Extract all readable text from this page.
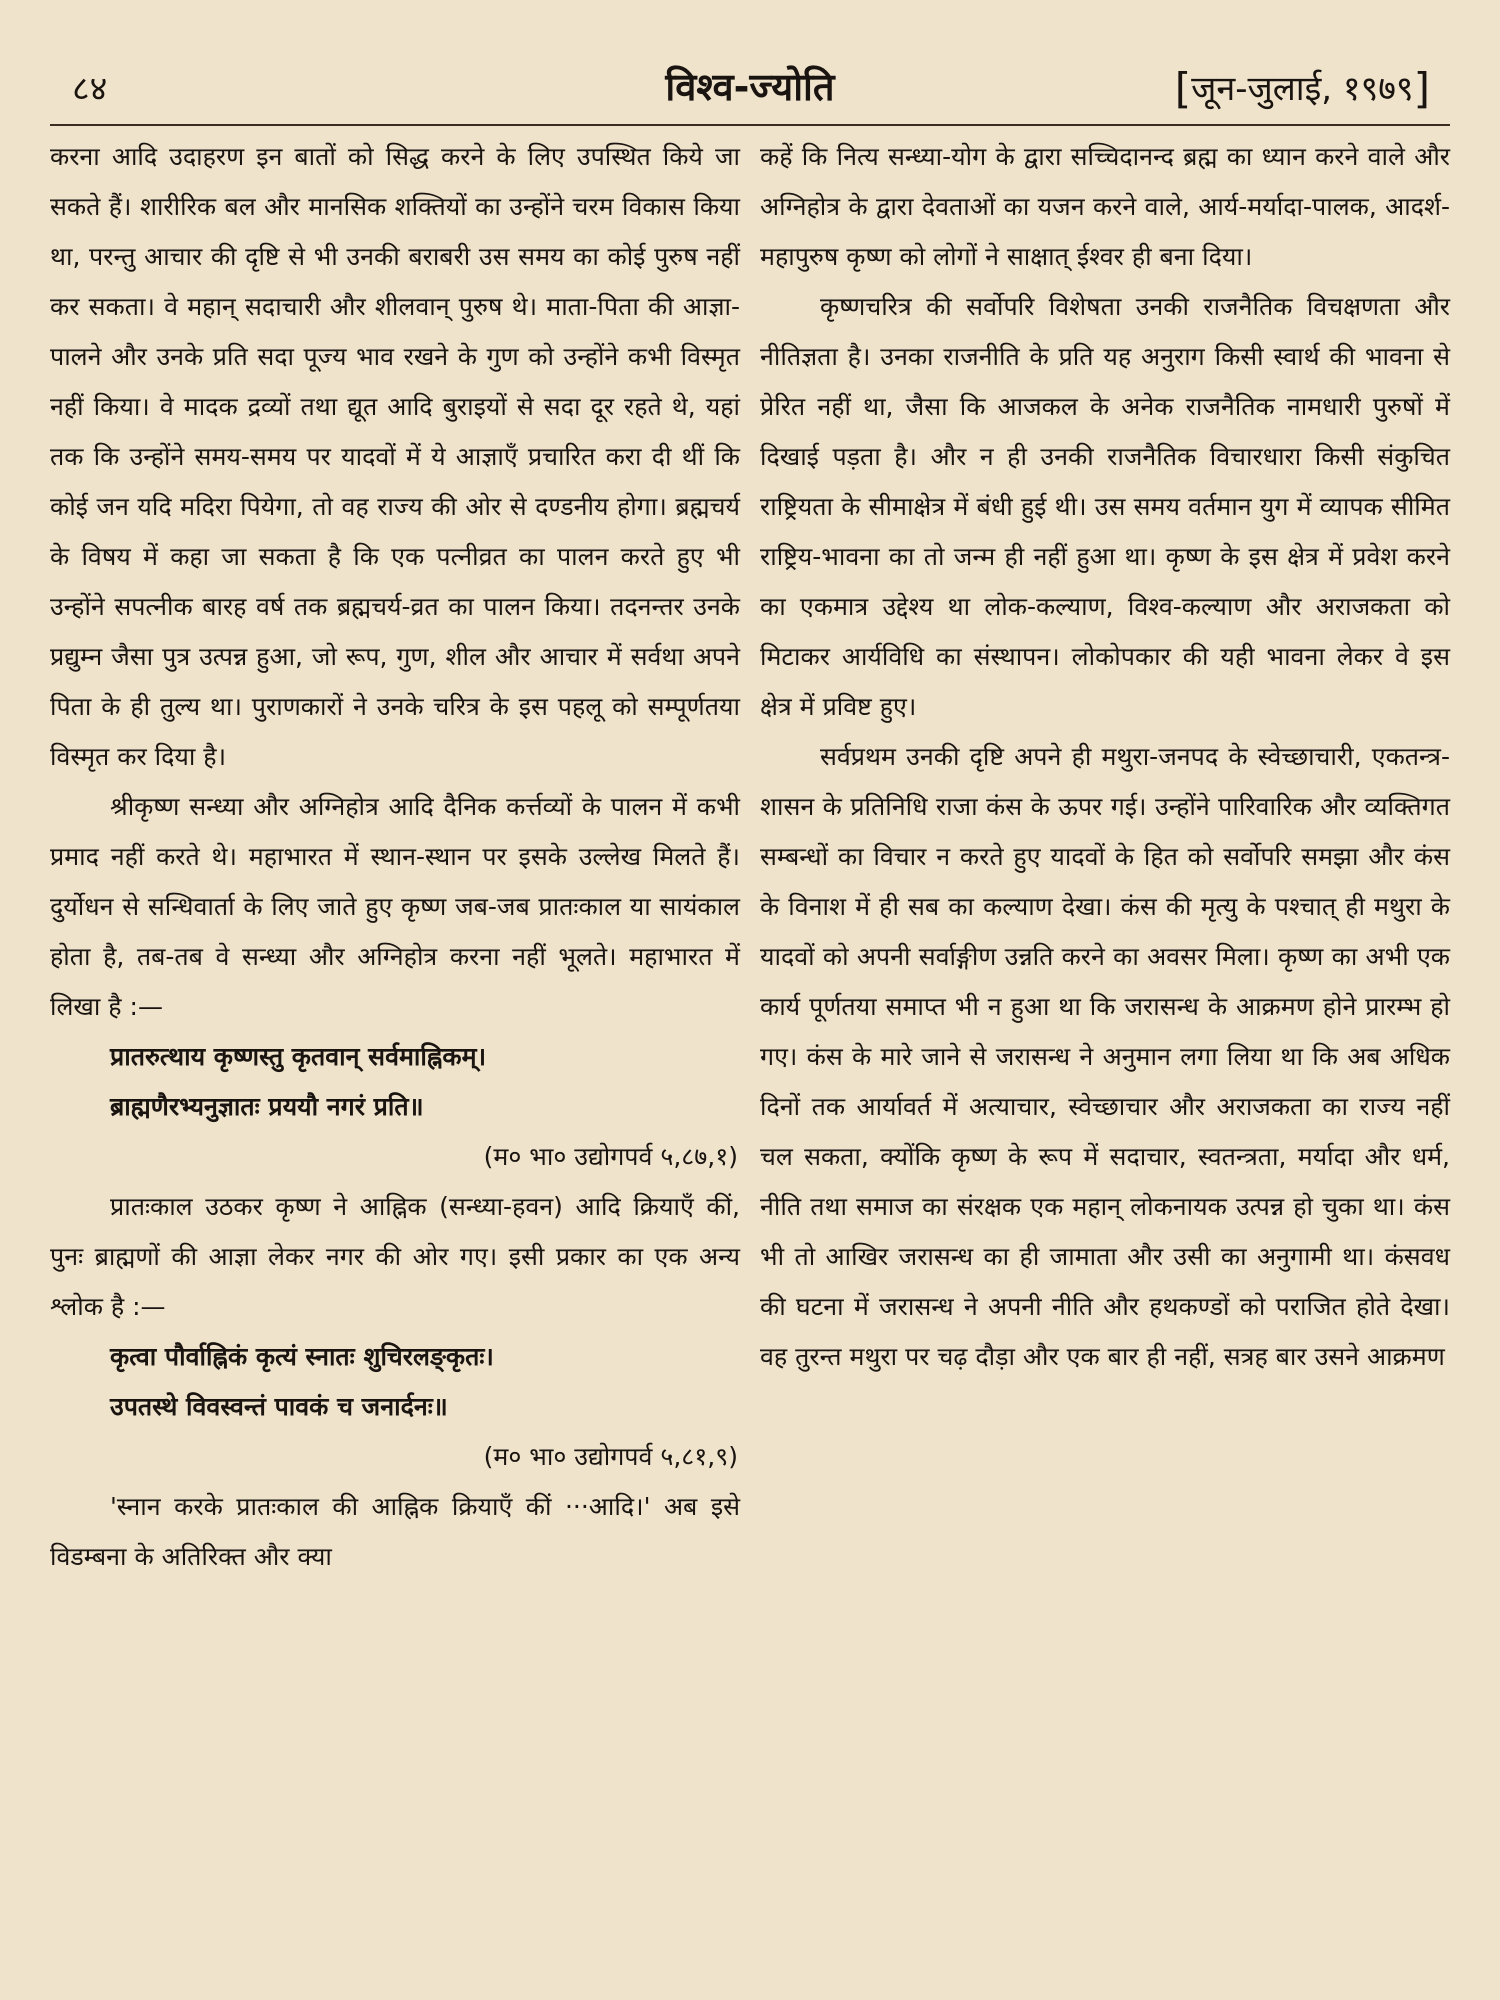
८४	विश्व-ज्योति	[जून-जुलाई, १९७९]

करना आदि उदाहरण इन बातों को सिद्ध करने के लिए उपस्थित किये जा सकते हैं। शारीरिक बल और मानसिक शक्तियों का उन्होंने चरम विकास किया था, परन्तु आचार की दृष्टि से भी उनकी बराबरी उस समय का कोई पुरुष नहीं कर सकता। वे महान् सदाचारी और शीलवान् पुरुष थे। माता-पिता की आज्ञा-पालने और उनके प्रति सदा पूज्य भाव रखने के गुण को उन्होंने कभी विस्मृत नहीं किया। वे मादक द्रव्यों तथा द्यूत आदि बुराइयों से सदा दूर रहते थे, यहां तक कि उन्होंने समय-समय पर यादवों में ये आज्ञाएँ प्रचारित करा दी थीं कि कोई जन यदि मदिरा पियेगा, तो वह राज्य की ओर से दण्डनीय होगा। ब्रह्मचर्य के विषय में कहा जा सकता है कि एक पत्नीव्रत का पालन करते हुए भी उन्होंने सपत्नीक बारह वर्ष तक ब्रह्मचर्य-व्रत का पालन किया। तदनन्तर उनके प्रद्युम्न जैसा पुत्र उत्पन्न हुआ, जो रूप, गुण, शील और आचार में सर्वथा अपने पिता के ही तुल्य था। पुराणकारों ने उनके चरित्र के इस पहलू को सम्पूर्णतया विस्मृत कर दिया है।

श्रीकृष्ण सन्ध्या और अग्निहोत्र आदि दैनिक कर्त्तव्यों के पालन में कभी प्रमाद नहीं करते थे। महाभारत में स्थान-स्थान पर इसके उल्लेख मिलते हैं। दुर्योधन से सन्धिवार्ता के लिए जाते हुए कृष्ण जब-जब प्रातःकाल या सायंकाल होता है, तब-तब वे सन्ध्या और अग्निहोत्र करना नहीं भूलते। महाभारत में लिखा है :—

प्रातरुत्थाय कृष्णस्तु कृतवान् सर्वमाह्निकम्।

ब्राह्मणैरभ्यनुज्ञातः प्रययौ नगरं प्रति॥

(म० भा० उद्योगपर्व ५,८७,१)

प्रातःकाल उठकर कृष्ण ने आह्निक (सन्ध्या-हवन) आदि क्रियाएँ कीं, पुनः ब्राह्मणों की आज्ञा लेकर नगर की ओर गए। इसी प्रकार का एक अन्य श्लोक है :—

कृत्वा पौर्वाह्निकं कृत्यं स्नातः शुचिरलङ्कृतः।

उपतस्थे विवस्वन्तं पावकं च जनार्दनः॥

(म० भा० उद्योगपर्व ५,८१,९)

'स्नान करके प्रातःकाल की आह्निक क्रियाएँ कीं ···आदि।' अब इसे विडम्बना के अतिरिक्त और क्या

कहें कि नित्य सन्ध्या-योग के द्वारा सच्चिदानन्द ब्रह्म का ध्यान करने वाले और अग्निहोत्र के द्वारा देवताओं का यजन करने वाले, आर्य-मर्यादा-पालक, आदर्श-महापुरुष कृष्ण को लोगों ने साक्षात् ईश्वर ही बना दिया।

कृष्णचरित्र की सर्वोपरि विशेषता उनकी राजनैतिक विचक्षणता और नीतिज्ञता है। उनका राजनीति के प्रति यह अनुराग किसी स्वार्थ की भावना से प्रेरित नहीं था, जैसा कि आजकल के अनेक राजनैतिक नामधारी पुरुषों में दिखाई पड़ता है। और न ही उनकी राजनैतिक विचारधारा किसी संकुचित राष्ट्रियता के सीमाक्षेत्र में बंधी हुई थी। उस समय वर्तमान युग में व्यापक सीमित राष्ट्रिय-भावना का तो जन्म ही नहीं हुआ था। कृष्ण के इस क्षेत्र में प्रवेश करने का एकमात्र उद्देश्य था लोक-कल्याण, विश्व-कल्याण और अराजकता को मिटाकर आर्यविधि का संस्थापन। लोकोपकार की यही भावना लेकर वे इस क्षेत्र में प्रविष्ट हुए।

सर्वप्रथम उनकी दृष्टि अपने ही मथुरा-जनपद के स्वेच्छाचारी, एकतन्त्र-शासन के प्रतिनिधि राजा कंस के ऊपर गई। उन्होंने पारिवारिक और व्यक्तिगत सम्बन्धों का विचार न करते हुए यादवों के हित को सर्वोपरि समझा और कंस के विनाश में ही सब का कल्याण देखा। कंस की मृत्यु के पश्चात् ही मथुरा के यादवों को अपनी सर्वाङ्गीण उन्नति करने का अवसर मिला। कृष्ण का अभी एक कार्य पूर्णतया समाप्त भी न हुआ था कि जरासन्ध के आक्रमण होने प्रारम्भ हो गए। कंस के मारे जाने से जरासन्ध ने अनुमान लगा लिया था कि अब अधिक दिनों तक आर्यावर्त में अत्याचार, स्वेच्छाचार और अराजकता का राज्य नहीं चल सकता, क्योंकि कृष्ण के रूप में सदाचार, स्वतन्त्रता, मर्यादा और धर्म, नीति तथा समाज का संरक्षक एक महान् लोकनायक उत्पन्न हो चुका था। कंस भी तो आखिर जरासन्ध का ही जामाता और उसी का अनुगामी था। कंसवध की घटना में जरासन्ध ने अपनी नीति और हथकण्डों को पराजित होते देखा। वह तुरन्त मथुरा पर चढ़ दौड़ा और एक बार ही नहीं, सत्रह बार उसने आक्रमण
